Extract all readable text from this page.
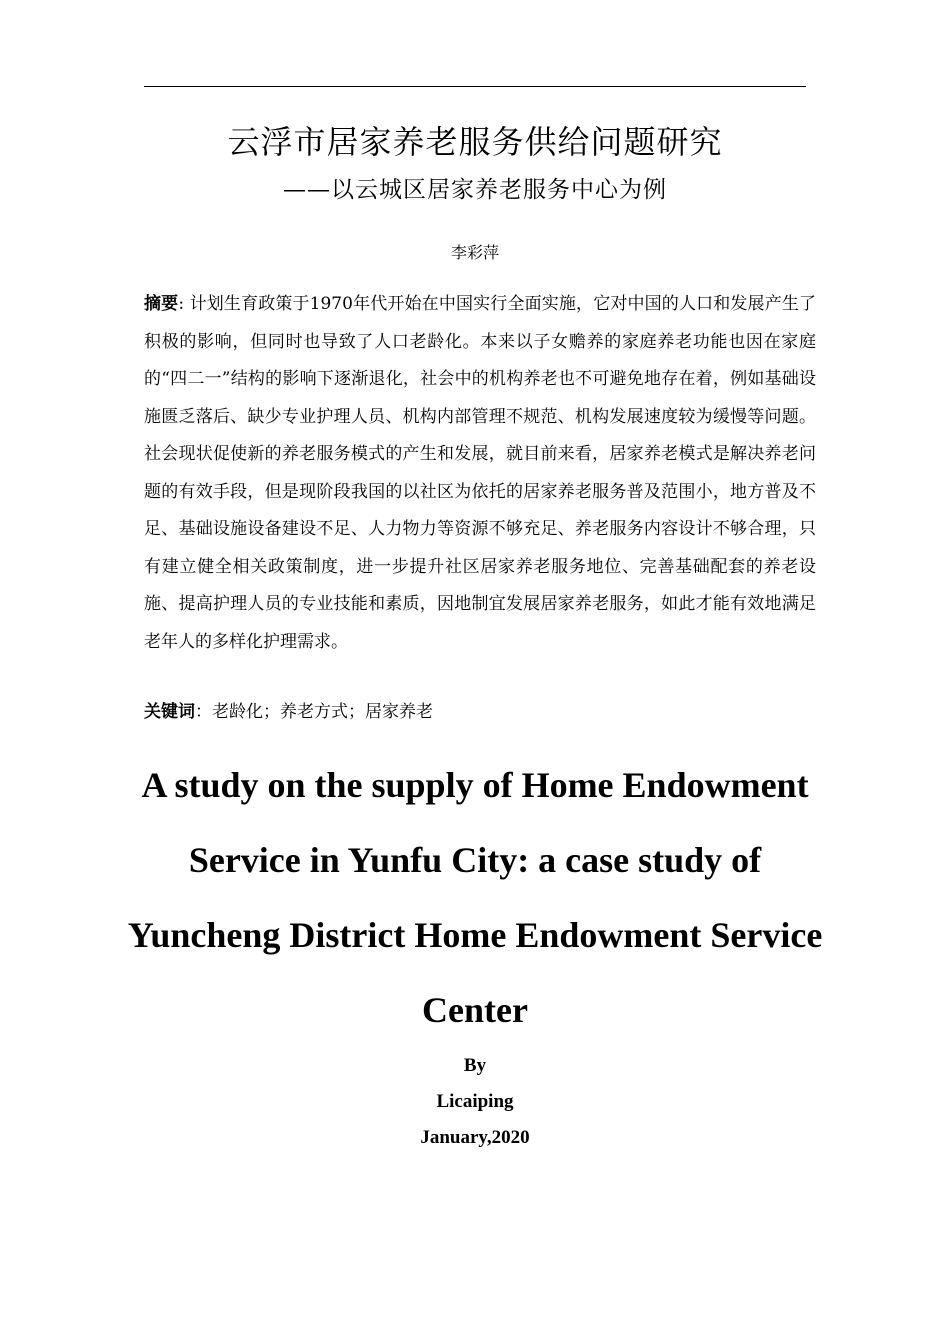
云浮市居家养老服务供给问题研究
——以云城区居家养老服务中心为例
李彩萍
摘要: 计划生育政策于1970年代开始在中国实行全面实施，它对中国的人口和发展产生了积极的影响，但同时也导致了人口老龄化。本来以子女赡养的家庭养老功能也因在家庭的“四二一”结构的影响下逐渐退化，社会中的机构养老也不可避免地存在着，例如基础设施匮乏落后、缺少专业护理人员、机构内部管理不规范、机构发展速度较为缓慢等问题。社会现状促使新的养老服务模式的产生和发展，就目前来看，居家养老模式是解决养老问题的有效手段，但是现阶段我国的以社区为依托的居家养老服务普及范围小，地方普及不足、基础设施设备建设不足、人力物力等资源不够充足、养老服务内容设计不够合理，只有建立健全相关政策制度，进一步提升社区居家养老服务地位、完善基础配套的养老设施、提高护理人员的专业技能和素质，因地制宜发展居家养老服务，如此才能有效地满足老年人的多样化护理需求。
关键词：老龄化；养老方式；居家养老
A study on the supply of Home Endowment Service in Yunfu City: a case study of Yuncheng District Home Endowment Service Center
By
Licaiping
January,2020
